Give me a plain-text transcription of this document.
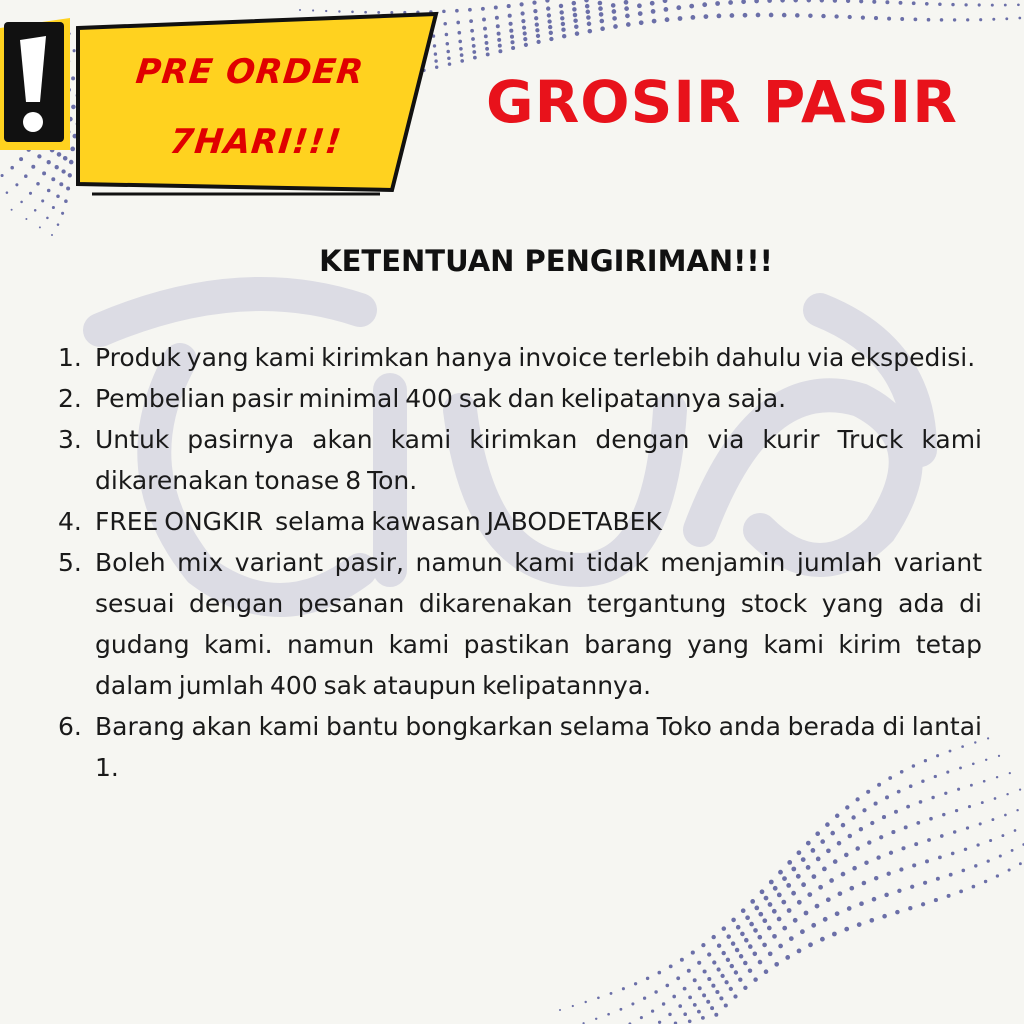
PRE ORDER
7HARI!!!
GROSIR PASIR
KETENTUAN PENGIRIMAN!!!
1. Produk yang kami kirimkan hanya invoice terlebih dahulu via ekspedisi.
2. Pembelian pasir minimal 400 sak dan kelipatannya saja.
3. Untuk pasirnya akan kami kirimkan dengan via kurir Truck kami dikarenakan tonase 8 Ton.
4. FREE ONGKIR  selama kawasan JABODETABEK
5. Boleh mix variant pasir, namun kami tidak menjamin jumlah variant sesuai dengan pesanan dikarenakan tergantung stock yang ada di gudang kami. namun kami pastikan barang yang kami kirim tetap dalam jumlah 400 sak ataupun kelipatannya.
6. Barang akan kami bantu bongkarkan selama Toko anda berada di lantai 1.
